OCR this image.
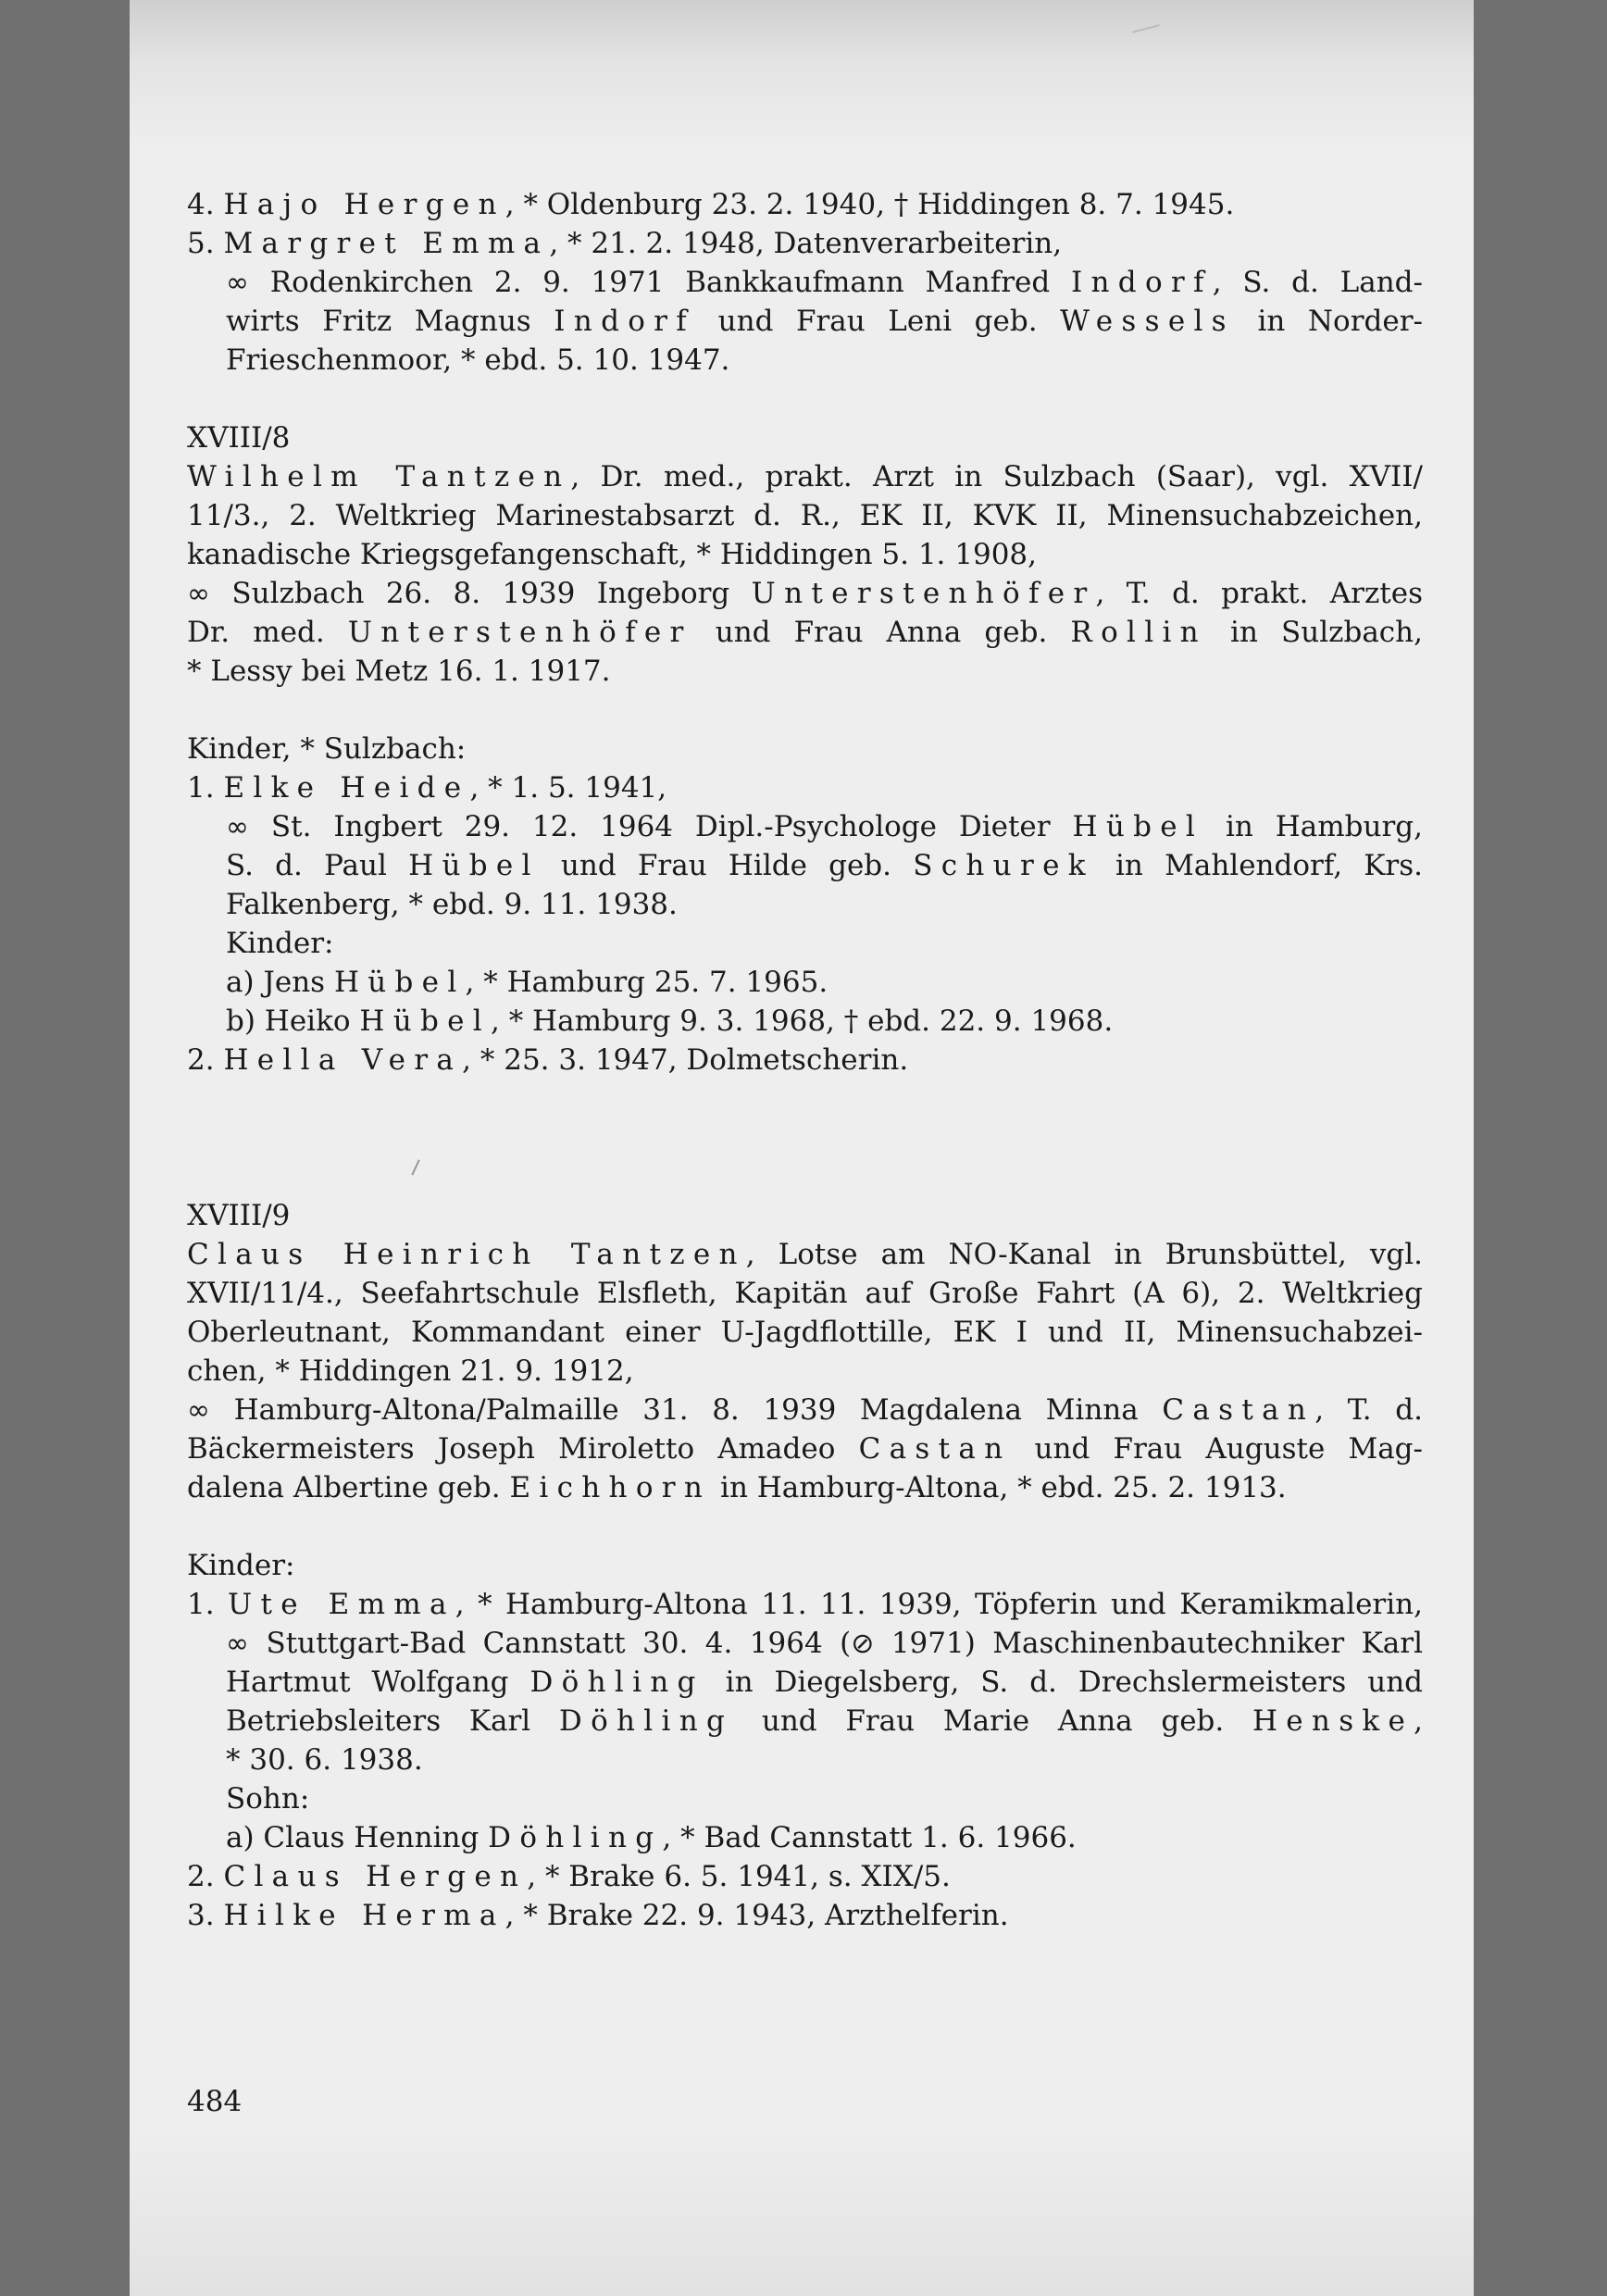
4. Hajo Hergen, * Oldenburg 23. 2. 1940, † Hiddingen 8. 7. 1945.
5. Margret Emma, * 21. 2. 1948, Datenverarbeiterin,
∞ Rodenkirchen 2. 9. 1971 Bankkaufmann Manfred Indorf, S. d. Land-
wirts Fritz Magnus Indorf und Frau Leni geb. Wessels in Norder-
Frieschenmoor, * ebd. 5. 10. 1947.
XVIII/8
Wilhelm Tantzen, Dr. med., prakt. Arzt in Sulzbach (Saar), vgl. XVII/
11/3., 2. Weltkrieg Marinestabsarzt d. R., EK II, KVK II, Minensuchabzeichen,
kanadische Kriegsgefangenschaft, * Hiddingen 5. 1. 1908,
∞ Sulzbach 26. 8. 1939 Ingeborg Unterstenhöfer, T. d. prakt. Arztes
Dr. med. Unterstenhöfer und Frau Anna geb. Rollin in Sulzbach,
* Lessy bei Metz 16. 1. 1917.
Kinder, * Sulzbach:
1. Elke Heide, * 1. 5. 1941,
∞ St. Ingbert 29. 12. 1964 Dipl.-Psychologe Dieter Hübel in Hamburg,
S. d. Paul Hübel und Frau Hilde geb. Schurek in Mahlendorf, Krs.
Falkenberg, * ebd. 9. 11. 1938.
Kinder:
a) Jens Hübel, * Hamburg 25. 7. 1965.
b) Heiko Hübel, * Hamburg 9. 3. 1968, † ebd. 22. 9. 1968.
2. Hella Vera, * 25. 3. 1947, Dolmetscherin.
XVIII/9
Claus Heinrich Tantzen, Lotse am NO-Kanal in Brunsbüttel, vgl.
XVII/11/4., Seefahrtschule Elsfleth, Kapitän auf Große Fahrt (A 6), 2. Weltkrieg
Oberleutnant, Kommandant einer U-Jagdflottille, EK I und II, Minensuchabzei-
chen, * Hiddingen 21. 9. 1912,
∞ Hamburg-Altona/Palmaille 31. 8. 1939 Magdalena Minna Castan, T. d.
Bäckermeisters Joseph Miroletto Amadeo Castan und Frau Auguste Mag-
dalena Albertine geb. Eichhorn in Hamburg-Altona, * ebd. 25. 2. 1913.
Kinder:
1. Ute Emma, * Hamburg-Altona 11. 11. 1939, Töpferin und Keramikmalerin,
∞ Stuttgart-Bad Cannstatt 30. 4. 1964 (⊘ 1971) Maschinenbautechniker Karl
Hartmut Wolfgang Döhling in Diegelsberg, S. d. Drechslermeisters und
Betriebsleiters Karl Döhling und Frau Marie Anna geb. Henske,
* 30. 6. 1938.
Sohn:
a) Claus Henning Döhling, * Bad Cannstatt 1. 6. 1966.
2. Claus Hergen, * Brake 6. 5. 1941, s. XIX/5.
3. Hilke Herma, * Brake 22. 9. 1943, Arzthelferin.
484
